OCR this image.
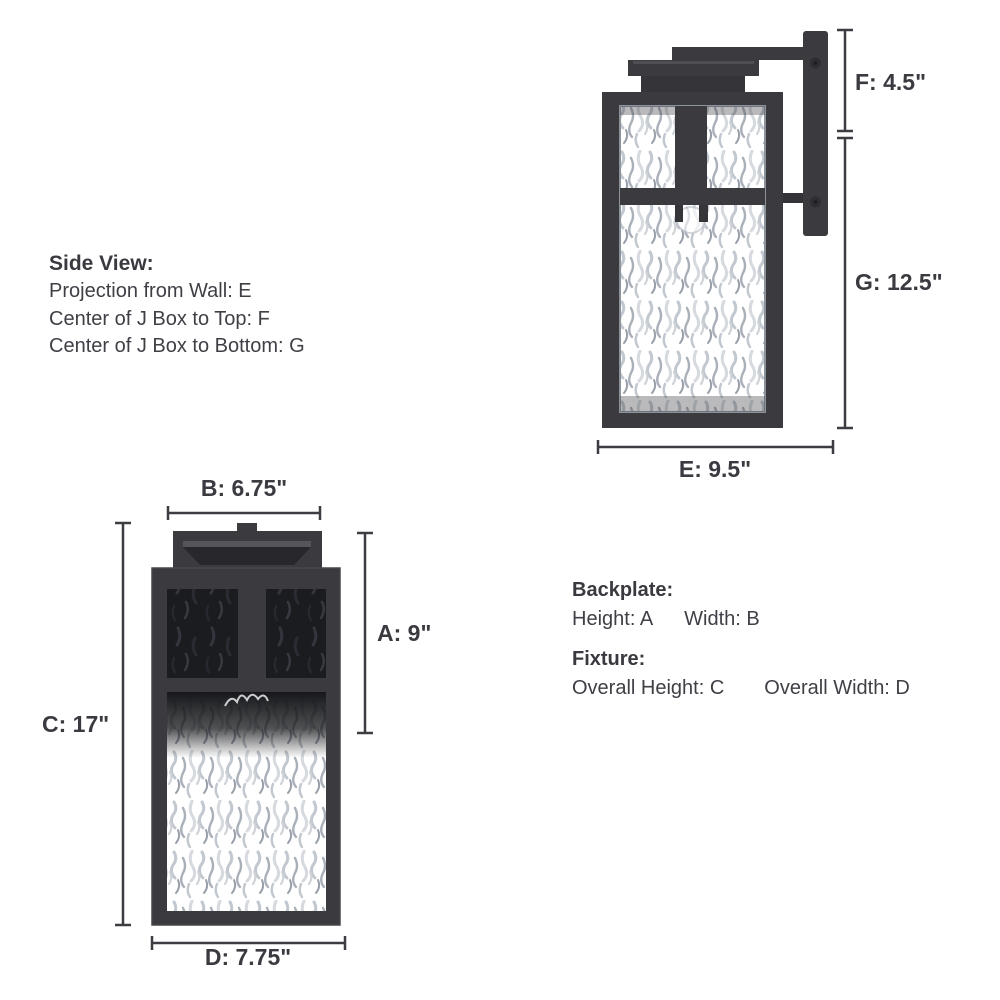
F: 4.5"
G: 12.5"
E: 9.5"
B: 6.75"
A: 9"
C: 17"
D: 7.75"
Side View:
Projection from Wall: E
Center of J Box to Top: F
Center of J Box to Bottom: G
Backplate:
Height: A Width: B
Fixture:
Overall Height: C Overall Width: D
